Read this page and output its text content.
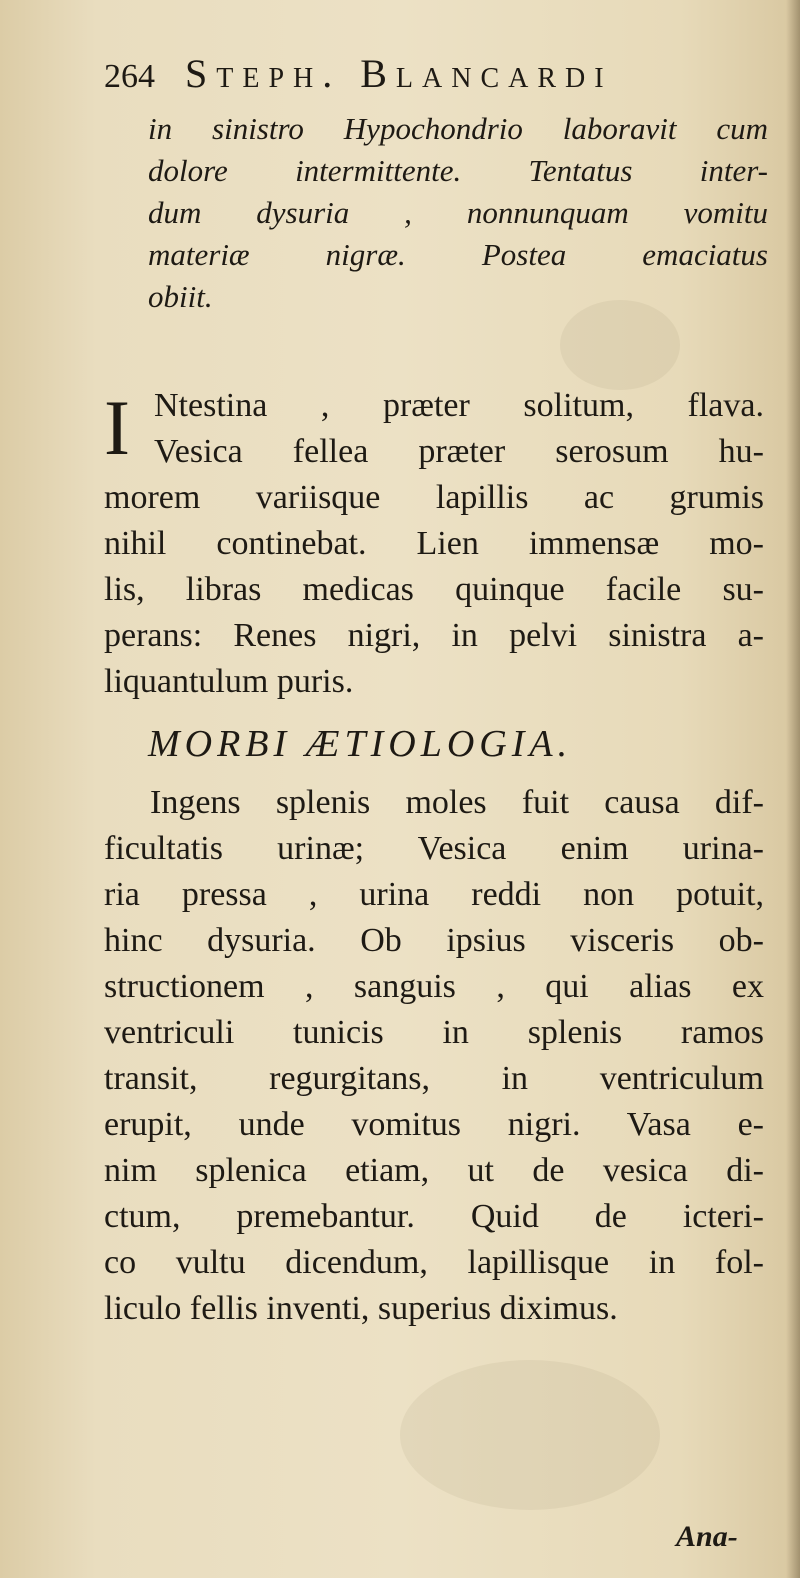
264 Steph. Blancardi
in sinistro Hypochondrio laboravit cum
dolore intermittente. Tentatus inter-
dum dysuria , nonnunquam vomitu
materiæ nigræ. Postea emaciatus
obiit.
I Ntestina , præter solitum, flava.
Vesica fellea præter serosum hu-
morem variisque lapillis ac grumis
nihil continebat. Lien immensæ mo-
lis, libras medicas quinque facile su-
perans: Renes nigri, in pelvi sinistra a-
liquantulum puris.
MORBI ÆTIOLOGIA.
Ingens splenis moles fuit causa dif-
ficultatis urinæ; Vesica enim urina-
ria pressa , urina reddi non potuit,
hinc dysuria. Ob ipsius visceris ob-
structionem , sanguis , qui alias ex
ventriculi tunicis in splenis ramos
transit, regurgitans, in ventriculum
erupit, unde vomitus nigri. Vasa e-
nim splenica etiam, ut de vesica di-
ctum, premebantur. Quid de icteri-
co vultu dicendum, lapillisque in fol-
liculo fellis inventi, superius diximus.
Ana-
